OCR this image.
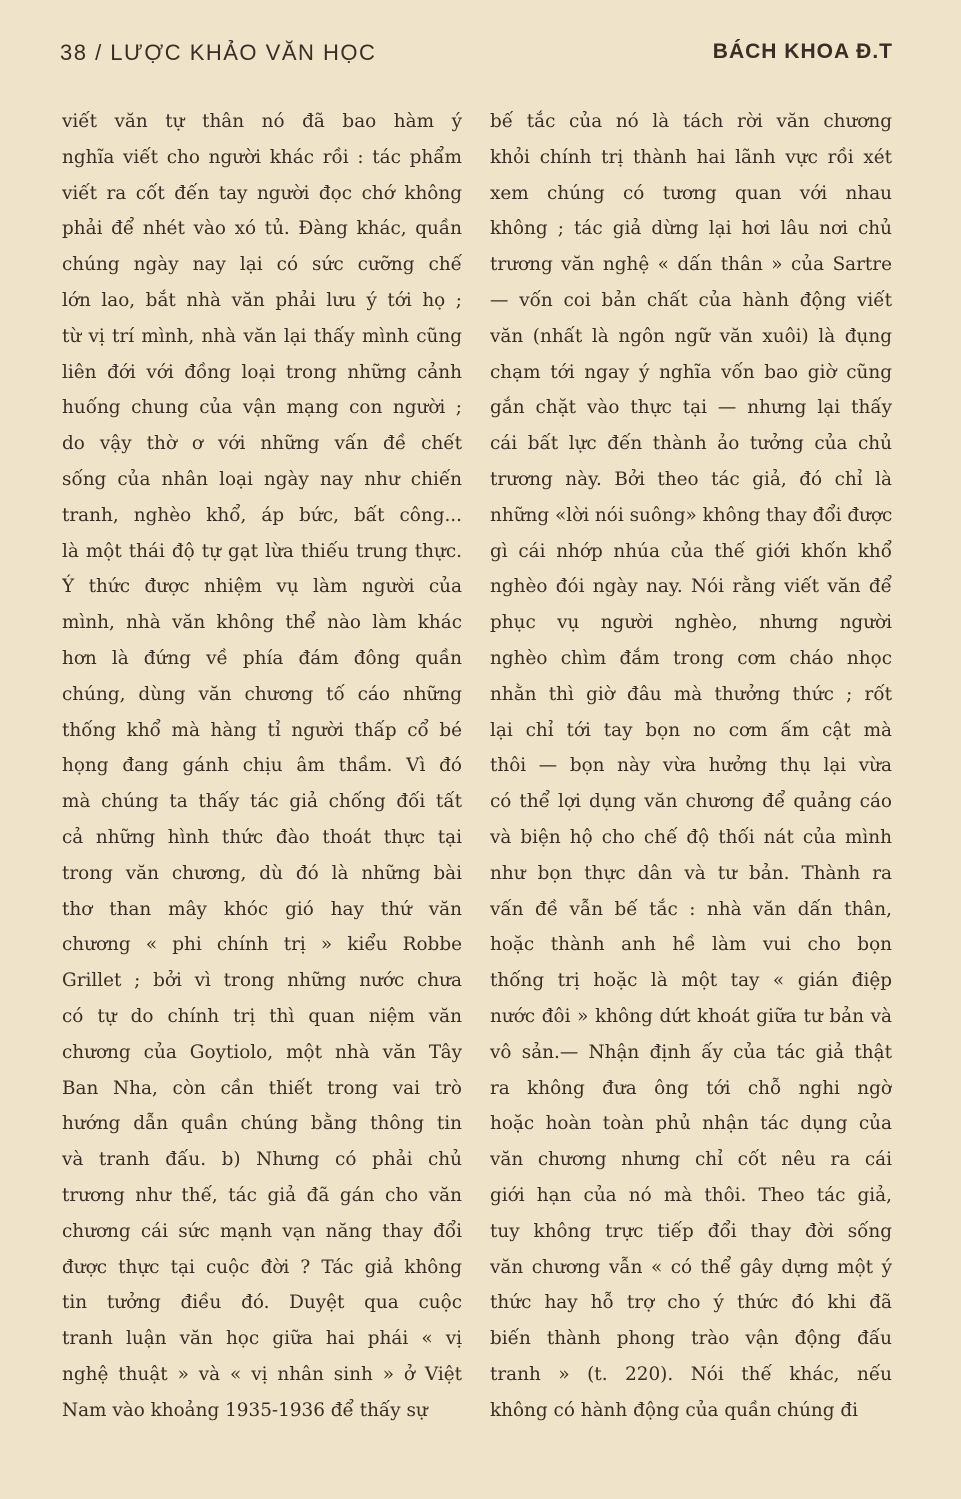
38 / LƯỢC KHẢO VĂN HỌC	BÁCH KHOA Đ.T
viết văn tự thân nó đã bao hàm ý
nghĩa viết cho người khác rồi : tác phẩm
viết ra cốt đến tay người đọc chớ không
phải để nhét vào xó tủ. Đàng khác, quần
chúng ngày nay lại có sức cưỡng chế
lớn lao, bắt nhà văn phải lưu ý tới họ ;
từ vị trí mình, nhà văn lại thấy mình cũng
liên đới với đồng loại trong những cảnh
huống chung của vận mạng con người ;
do vậy thờ ơ với những vấn đề chết
sống của nhân loại ngày nay như chiến
tranh, nghèo khổ, áp bức, bất công...
là một thái độ tự gạt lừa thiếu trung thực.
Ý thức được nhiệm vụ làm người của
mình, nhà văn không thể nào làm khác
hơn là đứng về phía đám đông quần
chúng, dùng văn chương tố cáo những
thống khổ mà hàng tỉ người thấp cổ bé
họng đang gánh chịu âm thầm. Vì đó
mà chúng ta thấy tác giả chống đối tất
cả những hình thức đào thoát thực tại
trong văn chương, dù đó là những bài
thơ than mây khóc gió hay thứ văn
chương « phi chính trị » kiểu Robbe
Grillet ; bởi vì trong những nước chưa
có tự do chính trị thì quan niệm văn
chương của Goytiolo, một nhà văn Tây
Ban Nha, còn cần thiết trong vai trò
hướng dẫn quần chúng bằng thông tin
và tranh đấu. b) Nhưng có phải chủ
trương như thế, tác giả đã gán cho văn
chương cái sức mạnh vạn năng thay đổi
được thực tại cuộc đời ? Tác giả không
tin tưởng điều đó. Duyệt qua cuộc
tranh luận văn học giữa hai phái « vị
nghệ thuật » và « vị nhân sinh » ở Việt
Nam vào khoảng 1935-1936 để thấy sự
bế tắc của nó là tách rời văn chương
khỏi chính trị thành hai lãnh vực rồi xét
xem chúng có tương quan với nhau
không ; tác giả dừng lại hơi lâu nơi chủ
trương văn nghệ « dấn thân » của Sartre
— vốn coi bản chất của hành động viết
văn (nhất là ngôn ngữ văn xuôi) là đụng
chạm tới ngay ý nghĩa vốn bao giờ cũng
gắn chặt vào thực tại — nhưng lại thấy
cái bất lực đến thành ảo tưởng của chủ
trương này. Bởi theo tác giả, đó chỉ là
những «lời nói suông» không thay đổi được
gì cái nhớp nhúa của thế giới khốn khổ
nghèo đói ngày nay. Nói rằng viết văn để
phục vụ người nghèo, nhưng người
nghèo chìm đắm trong cơm cháo nhọc
nhằn thì giờ đâu mà thưởng thức ; rốt
lại chỉ tới tay bọn no cơm ấm cật mà
thôi — bọn này vừa hưởng thụ lại vừa
có thể lợi dụng văn chương để quảng cáo
và biện hộ cho chế độ thối nát của mình
như bọn thực dân và tư bản. Thành ra
vấn đề vẫn bế tắc : nhà văn dấn thân,
hoặc thành anh hề làm vui cho bọn
thống trị hoặc là một tay « gián điệp
nước đôi » không dứt khoát giữa tư bản và
vô sản.— Nhận định ấy của tác giả thật
ra không đưa ông tới chỗ nghi ngờ
hoặc hoàn toàn phủ nhận tác dụng của
văn chương nhưng chỉ cốt nêu ra cái
giới hạn của nó mà thôi. Theo tác giả,
tuy không trực tiếp đổi thay đời sống
văn chương vẫn « có thể gây dựng một ý
thức hay hỗ trợ cho ý thức đó khi đã
biến thành phong trào vận động đấu
tranh » (t. 220). Nói thế khác, nếu
không có hành động của quần chúng đi
